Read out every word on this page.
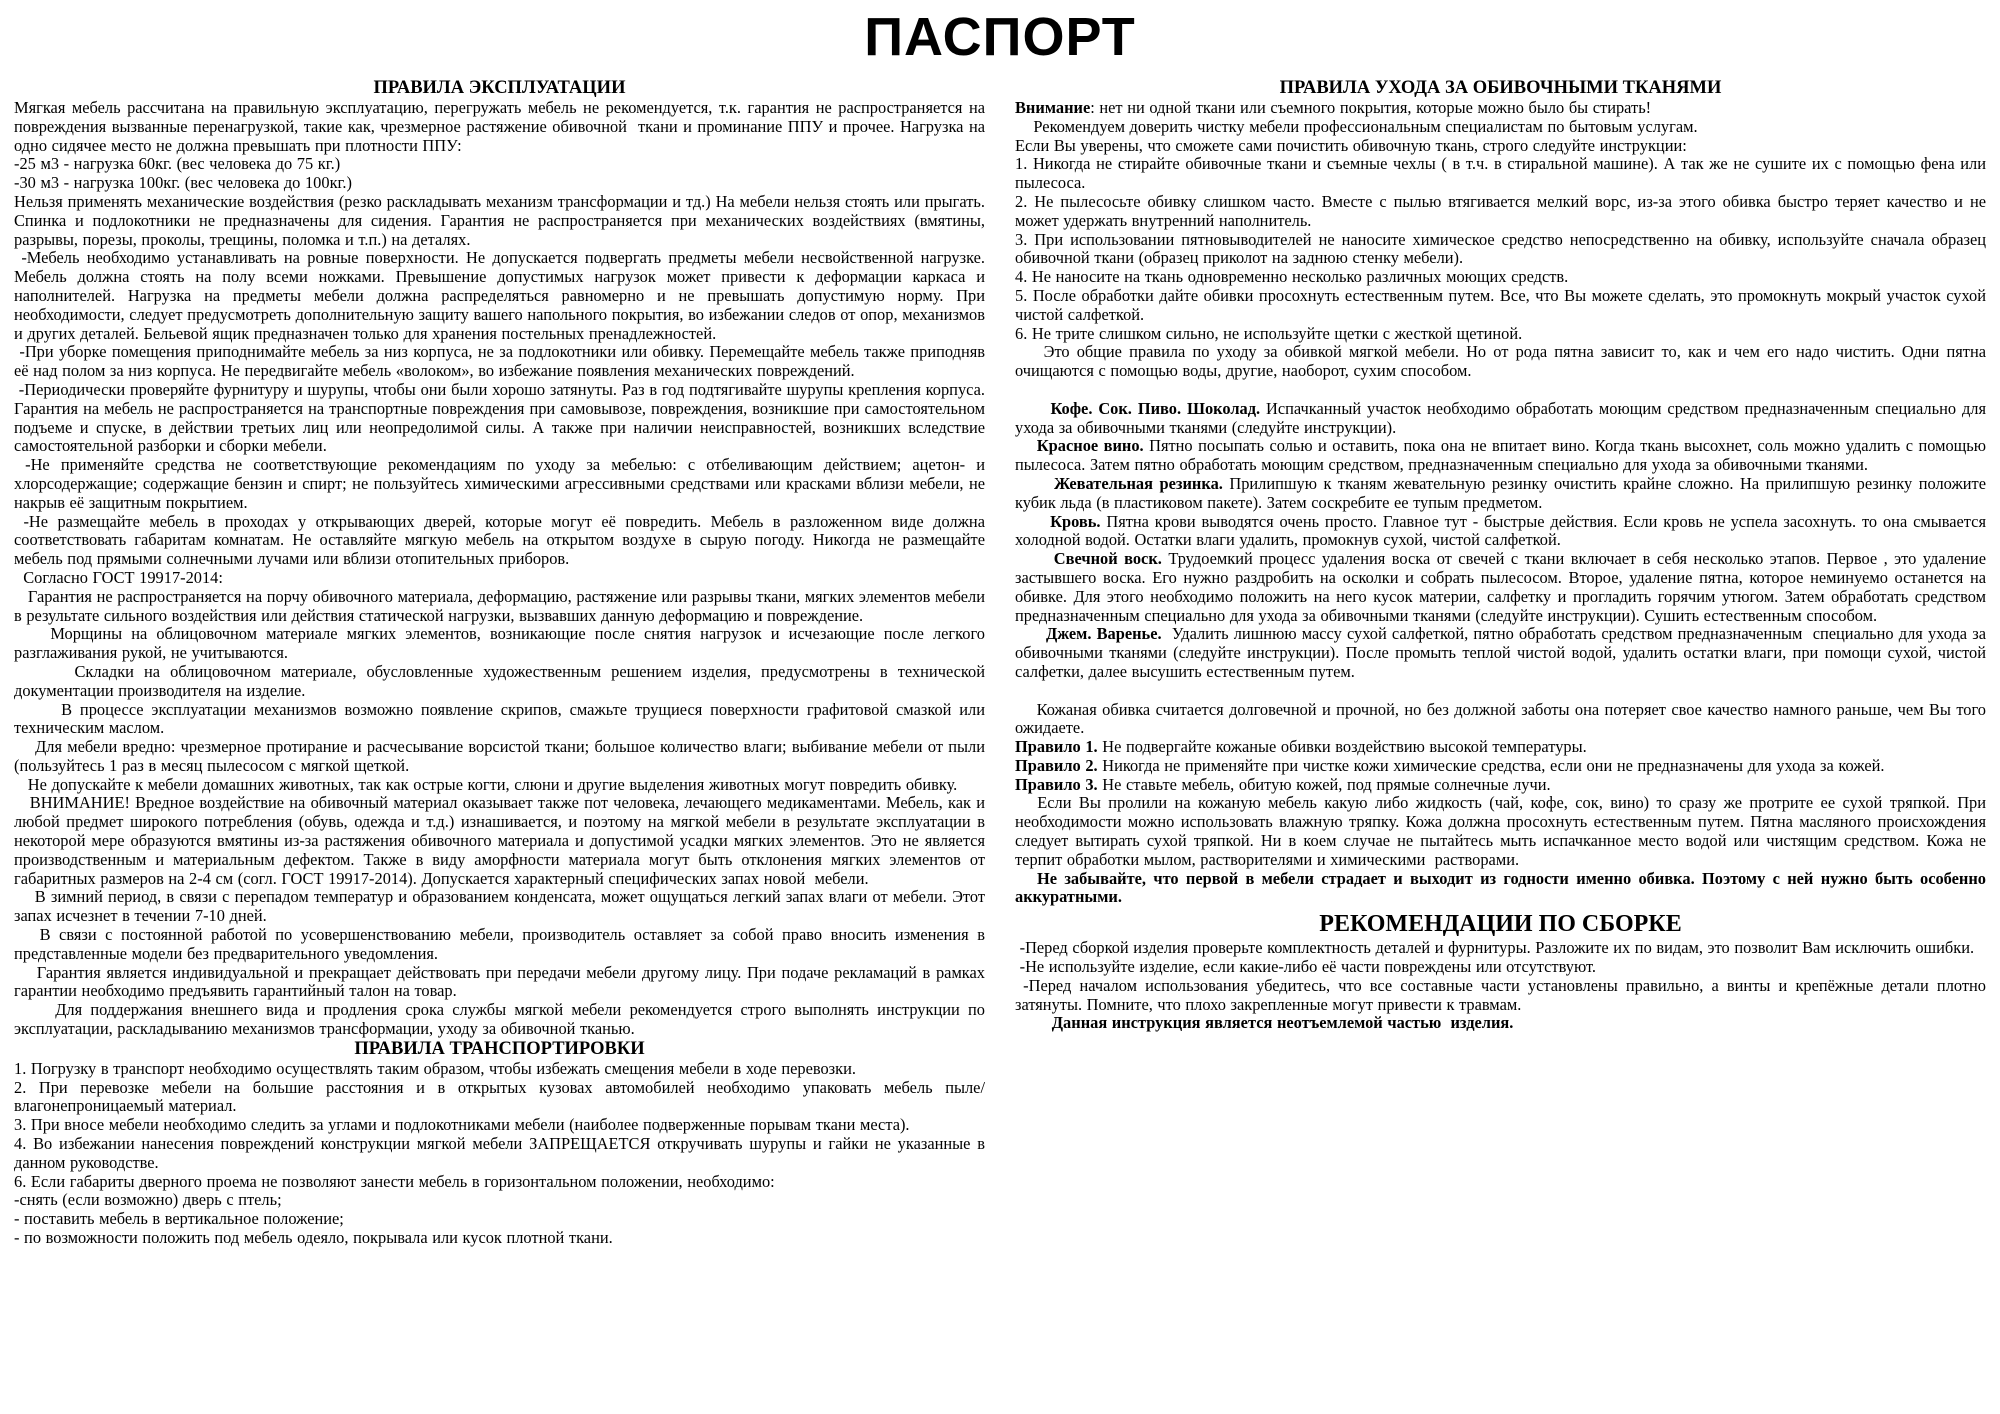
ПАСПОРТ
ПРАВИЛА ЭКСПЛУАТАЦИИ

Мягкая мебель рассчитана на правильную эксплуатацию, перегружать мебель не рекомендуется, т.к. гарантия не распространяется на повреждения вызванные перенагрузкой, такие как, чрезмерное растяжение обивочной  ткани и проминание ППУ и прочее. Нагрузка на одно сидячее место не должна превышать при плотности ППУ:

-25 м3 - нагрузка 60кг. (вес человека до 75 кг.)

-30 м3 - нагрузка 100кг. (вес человека до 100кг.)

Нельзя применять механические воздействия (резко раскладывать механизм трансформации и тд.) На мебели нельзя стоять или прыгать. Спинка и подлокотники не предназначены для сидения. Гарантия не распространяется при механических воздействиях (вмятины, разрывы, порезы, проколы, трещины, поломка и т.п.) на деталях.

-Мебель необходимо устанавливать на ровные поверхности. Не допускается подвергать предметы мебели несвойственной нагрузке. Мебель должна стоять на полу всеми ножками. Превышение допустимых нагрузок может привести к деформации каркаса и наполнителей. Нагрузка на предметы мебели должна распределяться равномерно и не превышать допустимую норму. При необходимости, следует предусмотреть дополнительную защиту вашего напольного покрытия, во избежании следов от опор, механизмов и других деталей. Бельевой ящик предназначен только для хранения постельных пренадлежностей.

-При уборке помещения приподнимайте мебель за низ корпуса, не за подлокотники или обивку. Перемещайте мебель также приподняв её над полом за низ корпуса. Не передвигайте мебель «волоком», во избежание появления механических повреждений.

-Периодически проверяйте фурнитуру и шурупы, чтобы они были хорошо затянуты. Раз в год подтягивайте шурупы крепления корпуса. Гарантия на мебель не распространяется на транспортные повреждения при самовывозе, повреждения, возникшие при самостоятельном подъеме и спуске, в действии третьих лиц или неопредолимой силы. А также при наличии неисправностей, возникших вследствие самостоятельной разборки и сборки мебели.

-Не применяйте средства не соответствующие рекомендациям по уходу за мебелью: с отбеливающим действием; ацетон- и хлорсодержащие; содержащие бензин и спирт; не пользуйтесь химическими агрессивными средствами или красками вблизи мебели, не накрыв её защитным покрытием.

-Не размещайте мебель в проходах у открывающих дверей, которые могут её повредить. Мебель в разложенном виде должна соответствовать габаритам комнатам. Не оставляйте мягкую мебель на открытом воздухе в сырую погоду. Никогда не размещайте мебель под прямыми солнечными лучами или вблизи отопительных приборов.

Согласно ГОСТ 19917-2014:

Гарантия не распространяется на порчу обивочного материала, деформацию, растяжение или разрывы ткани, мягких элементов мебели в результате сильного воздействия или действия статической нагрузки, вызвавших данную деформацию и повреждение.

Морщины на облицовочном материале мягких элементов, возникающие после снятия нагрузок и исчезающие после легкого разглаживания рукой, не учитываются.

Складки на облицовочном материале, обусловленные художественным решением изделия, предусмотрены в технической документации производителя на изделие.

В процессе эксплуатации механизмов возможно появление скрипов, смажьте трущиеся поверхности графитовой смазкой или техническим маслом.

Для мебели вредно: чрезмерное протирание и расчесывание ворсистой ткани; большое количество влаги; выбивание мебели от пыли (пользуйтесь 1 раз в месяц пылесосом с мягкой щеткой.

Не допускайте к мебели домашних животных, так как острые когти, слюни и другие выделения животных могут повредить обивку.

ВНИМАНИЕ! Вредное воздействие на обивочный материал оказывает также пот человека, лечающего медикаментами. Мебель, как и любой предмет широкого потребления (обувь, одежда и т.д.) изнашивается, и поэтому на мягкой мебели в результате эксплуатации в некоторой мере образуются вмятины из-за растяжения обивочного материала и допустимой усадки мягких элементов. Это не является производственным и материальным дефектом. Также в виду аморфности материала могут быть отклонения мягких элементов от габаритных размеров на 2-4 см (согл. ГОСТ 19917-2014). Допускается характерный специфических запах новой  мебели.

В зимний период, в связи с перепадом температур и образованием конденсата, может ощущаться легкий запах влаги от мебели. Этот запах исчезнет в течении 7-10 дней.

В связи с постоянной работой по усовершенствованию мебели, производитель оставляет за собой право вносить изменения в представленные модели без предварительного уведомления.

Гарантия является индивидуальной и прекращает действовать при передачи мебели другому лицу. При подаче рекламаций в рамках гарантии необходимо предъявить гарантийный талон на товар.

Для поддержания внешнего вида и продления срока службы мягкой мебели рекомендуется строго выполнять инструкции по эксплуатации, раскладыванию механизмов трансформации, уходу за обивочной тканью.

ПРАВИЛА ТРАНСПОРТИРОВКИ

1. Погрузку в транспорт необходимо осуществлять таким образом, чтобы избежать смещения мебели в ходе перевозки.

2. При перевозке мебели на большие расстояния и в открытых кузовах автомобилей необходимо упаковать мебель пыле/влагонепроницаемый материал.

3. При вносе мебели необходимо следить за углами и подлокотниками мебели (наиболее подверженные порывам ткани места).

4. Во избежании нанесения повреждений конструкции мягкой мебели ЗАПРЕЩАЕТСЯ откручивать шурупы и гайки не указанные в данном руководстве.

6. Если габариты дверного проема не позволяют занести мебель в горизонтальном положении, необходимо:

-снять (если возможно) дверь с птель;

- поставить мебель в вертикальное положение;

- по возможности положить под мебель одеяло, покрывала или кусок плотной ткани.

ПРАВИЛА УХОДА ЗА ОБИВОЧНЫМИ ТКАНЯМИ

Внимание: нет ни одной ткани или съемного покрытия, которые можно было бы стирать!

Рекомендуем доверить чистку мебели профессиональным специалистам по бытовым услугам.

Если Вы уверены, что сможете сами почистить обивочную ткань, строго следуйте инструкции:

1. Никогда не стирайте обивочные ткани и съемные чехлы ( в т.ч. в стиральной машине). А так же не сушите их с помощью фена или пылесоса.

2. Не пылесосьте обивку слишком часто. Вместе с пылью втягивается мелкий ворс, из-за этого обивка быстро теряет качество и не может удержать внутренний наполнитель.

3. При использовании пятновыводителей не наносите химическое средство непосредственно на обивку, используйте сначала образец обивочной ткани (образец приколот на заднюю стенку мебели).

4. Не наносите на ткань одновременно несколько различных моющих средств.

5. После обработки дайте обивки просохнуть естественным путем. Все, что Вы можете сделать, это промокнуть мокрый участок сухой чистой салфеткой.

6. Не трите слишком сильно, не используйте щетки с жесткой щетиной.

Это общие правила по уходу за обивкой мягкой мебели. Но от рода пятна зависит то, как и чем его надо чистить. Одни пятна очищаются с помощью воды, другие, наоборот, сухим способом.

Кофе. Сок. Пиво. Шоколад. Испачканный участок необходимо обработать моющим средством предназначенным специально для ухода за обивочными тканями (следуйте инструкции).

Красное вино. Пятно посыпать солью и оставить, пока она не впитает вино. Когда ткань высохнет, соль можно удалить с помощью пылесоса. Затем пятно обработать моющим средством, предназначенным специально для ухода за обивочными тканями.

Жевательная резинка. Прилипшую к тканям жевательную резинку очистить крайне сложно. На прилипшую резинку положите кубик льда (в пластиковом пакете). Затем соскребите ее тупым предметом.

Кровь. Пятна крови выводятся очень просто. Главное тут - быстрые действия. Если кровь не успела засохнуть. то она смывается холодной водой. Остатки влаги удалить, промокнув сухой, чистой салфеткой.

Свечной воск. Трудоемкий процесс удаления воска от свечей с ткани включает в себя несколько этапов. Первое , это удаление застывшего воска. Его нужно раздробить на осколки и собрать пылесосом. Второе, удаление пятна, которое неминуемо останется на обивке. Для этого необходимо положить на него кусок материи, салфетку и прогладить горячим утюгом. Затем обработать средством предназначенным специально для ухода за обивочными тканями (следуйте инструкции). Сушить естественным способом.

Джем. Варенье.  Удалить лишнюю массу сухой салфеткой, пятно обработать средством предназначенным  специально для ухода за обивочными тканями (следуйте инструкции). После промыть теплой чистой водой, удалить остатки влаги, при помощи сухой, чистой салфетки, далее высушить естественным путем.

Кожаная обивка считается долговечной и прочной, но без должной заботы она потеряет свое качество намного раньше, чем Вы того ожидаете.

Правило 1. Не подвергайте кожаные обивки воздействию высокой температуры.

Правило 2. Никогда не применяйте при чистке кожи химические средства, если они не предназначены для ухода за кожей.

Правило 3. Не ставьте мебель, обитую кожей, под прямые солнечные лучи.

Если Вы пролили на кожаную мебель какую либо жидкость (чай, кофе, сок, вино) то сразу же протрите ее сухой тряпкой. При необходимости можно использовать влажную тряпку. Кожа должна просохнуть естественным путем. Пятна масляного происхождения следует вытирать сухой тряпкой. Ни в коем случае не пытайтесь мыть испачканное место водой или чистящим средством. Кожа не терпит обработки мылом, растворителями и химическими  растворами.

Не забывайте, что первой в мебели страдает и выходит из годности именно обивка. Поэтому с ней нужно быть особенно аккуратными.

РЕКОМЕНДАЦИИ ПО СБОРКЕ

-Перед сборкой изделия проверьте комплектность деталей и фурнитуры. Разложите их по видам, это позволит Вам исключить ошибки.

-Не используйте изделие, если какие-либо её части повреждены или отсутствуют.

-Перед началом использования убедитесь, что все составные части установлены правильно, а винты и крепёжные детали плотно затянуты. Помните, что плохо закрепленные могут привести к травмам.

Данная инструкция является неотъемлемой частью  изделия.
